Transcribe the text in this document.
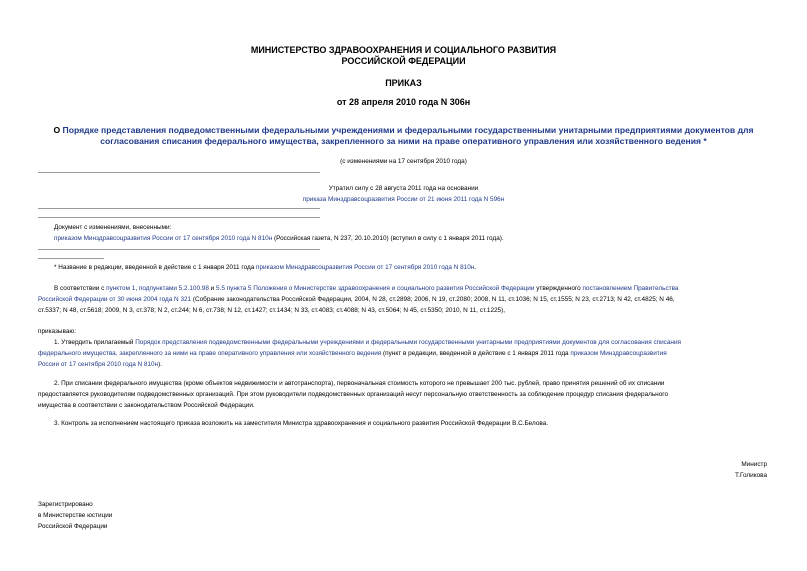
МИНИСТЕРСТВО ЗДРАВООХРАНЕНИЯ И СОЦИАЛЬНОГО РАЗВИТИЯ
РОССИЙСКОЙ ФЕДЕРАЦИИ
ПРИКАЗ
от 28 апреля 2010 года N 306н
О Порядке представления подведомственными федеральными учреждениями и федеральными государственными унитарными предприятиями документов для
согласования списания федерального имущества, закрепленного за ними на праве оперативного управления или хозяйственного ведения *
(с изменениями на 17 сентября 2010 года)
Утратил силу с 28 августа 2011 года на основании
приказа Минздравсоцразвития России от 21 июня 2011 года N 596н
Документ с изменениями, внесенными:
приказом Минздравсоцразвития России от 17 сентября 2010 года N 810н (Российская газета, N 237, 20.10.2010) (вступил в силу с 1 января 2011 года).
* Название в редакции, введенной в действие с 1 января 2011 года приказом Минздравсоцразвития России от 17 сентября 2010 года N 810н.
В соответствии с пунктом 1, подпунктами 5.2.100.98 и 5.5 пункта 5 Положения о Министерстве здравоохранения и социального развития Российской Федерации утвержденного постановлением Правительства
Российской Федерации от 30 июня 2004 года N 321 (Собрание законодательства Российской Федерации, 2004, N 28, ст.2898; 2006, N 19, ст.2080; 2008, N 11, ст.1036; N 15, ст.1555; N 23, ст.2713; N 42, ст.4825; N 46,
ст.5337; N 48, ст.5618; 2009, N 3, ст.378; N 2, ст.244; N 6, ст.738; N 12, ст.1427; ст.1434; N 33, ст.4083; ст.4088; N 43, ст.5064; N 45, ст.5350; 2010, N 11, ст.1225),
приказываю:
1. Утвердить прилагаемый Порядок представления подведомственными федеральными учреждениями и федеральными государственными унитарными предприятиями документов для согласования списания
федерального имущества, закрепленного за ними на праве оперативного управления или хозяйственного ведения (пункт в редакции, введенной в действие с 1 января 2011 года приказом Минздравсоцразвития
России от 17 сентября 2010 года N 810н).
2. При списании федерального имущества (кроме объектов недвижимости и автотранспорта), первоначальная стоимость которого не превышает 200 тыс. рублей, право принятия решений об их списании
предоставляется руководителям подведомственных организаций. При этом руководители подведомственных организаций несут персональную ответственность за соблюдение процедур списания федерального
имущества в соответствии с законодательством Российской Федерации.
3. Контроль за исполнением настоящего приказа возложить на заместителя Министра здравоохранения и социального развития Российской Федерации В.С.Белова.
Министр
Т.Голикова
Зарегистрировано
в Министерстве юстиции
Российской Федерации
